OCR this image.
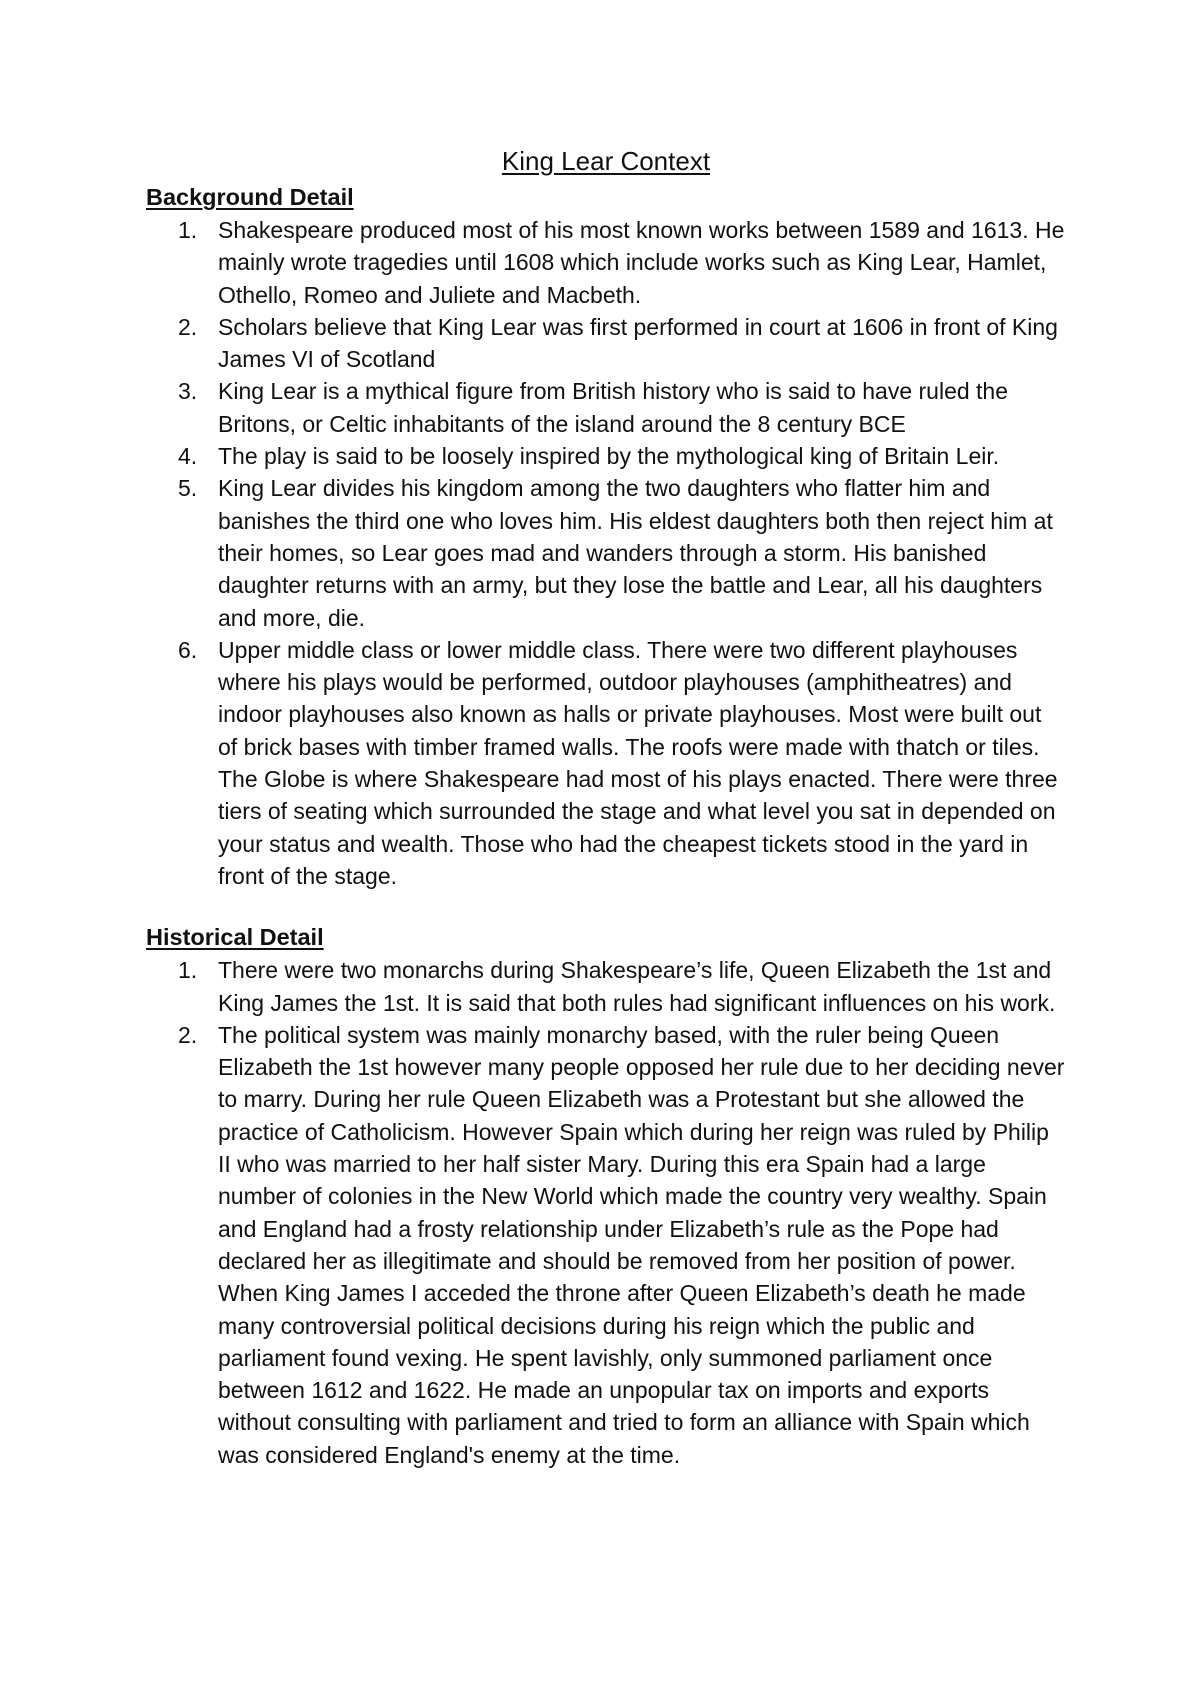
King Lear Context
Background Detail
1. Shakespeare produced most of his most known works between 1589 and 1613. He mainly wrote tragedies until 1608 which include works such as King Lear, Hamlet, Othello, Romeo and Juliete and Macbeth.
2. Scholars believe that King Lear was first performed in court at 1606 in front of King James VI of Scotland
3. King Lear is a mythical figure from British history who is said to have ruled the Britons, or Celtic inhabitants of the island around the 8 century BCE
4. The play is said to be loosely inspired by the mythological king of Britain Leir.
5. King Lear divides his kingdom among the two daughters who flatter him and banishes the third one who loves him. His eldest daughters both then reject him at their homes, so Lear goes mad and wanders through a storm. His banished daughter returns with an army, but they lose the battle and Lear, all his daughters and more, die.
6. Upper middle class or lower middle class. There were two different playhouses where his plays would be performed, outdoor playhouses (amphitheatres) and indoor playhouses also known as halls or private playhouses. Most were built out of brick bases with timber framed walls. The roofs were made with thatch or tiles. The Globe is where Shakespeare had most of his plays enacted. There were three tiers of seating which surrounded the stage and what level you sat in depended on your status and wealth. Those who had the cheapest tickets stood in the yard in front of the stage.
Historical Detail
1. There were two monarchs during Shakespeare’s life, Queen Elizabeth the 1st and King James the 1st. It is said that both rules had significant influences on his work.
2. The political system was mainly monarchy based, with the ruler being Queen Elizabeth the 1st however many people opposed her rule due to her deciding never to marry. During her rule Queen Elizabeth was a Protestant but she allowed the practice of Catholicism. However Spain which during her reign was ruled by Philip II who was married to her half sister Mary. During this era Spain had a large number of colonies in the New World which made the country very wealthy. Spain and England had a frosty relationship under Elizabeth’s rule as the Pope had declared her as illegitimate and should be removed from her position of power. When King James I acceded the throne after Queen Elizabeth’s death he made many controversial political decisions during his reign which the public and parliament found vexing. He spent lavishly, only summoned parliament once between 1612 and 1622. He made an unpopular tax on imports and exports without consulting with parliament and tried to form an alliance with Spain which was considered England's enemy at the time.
